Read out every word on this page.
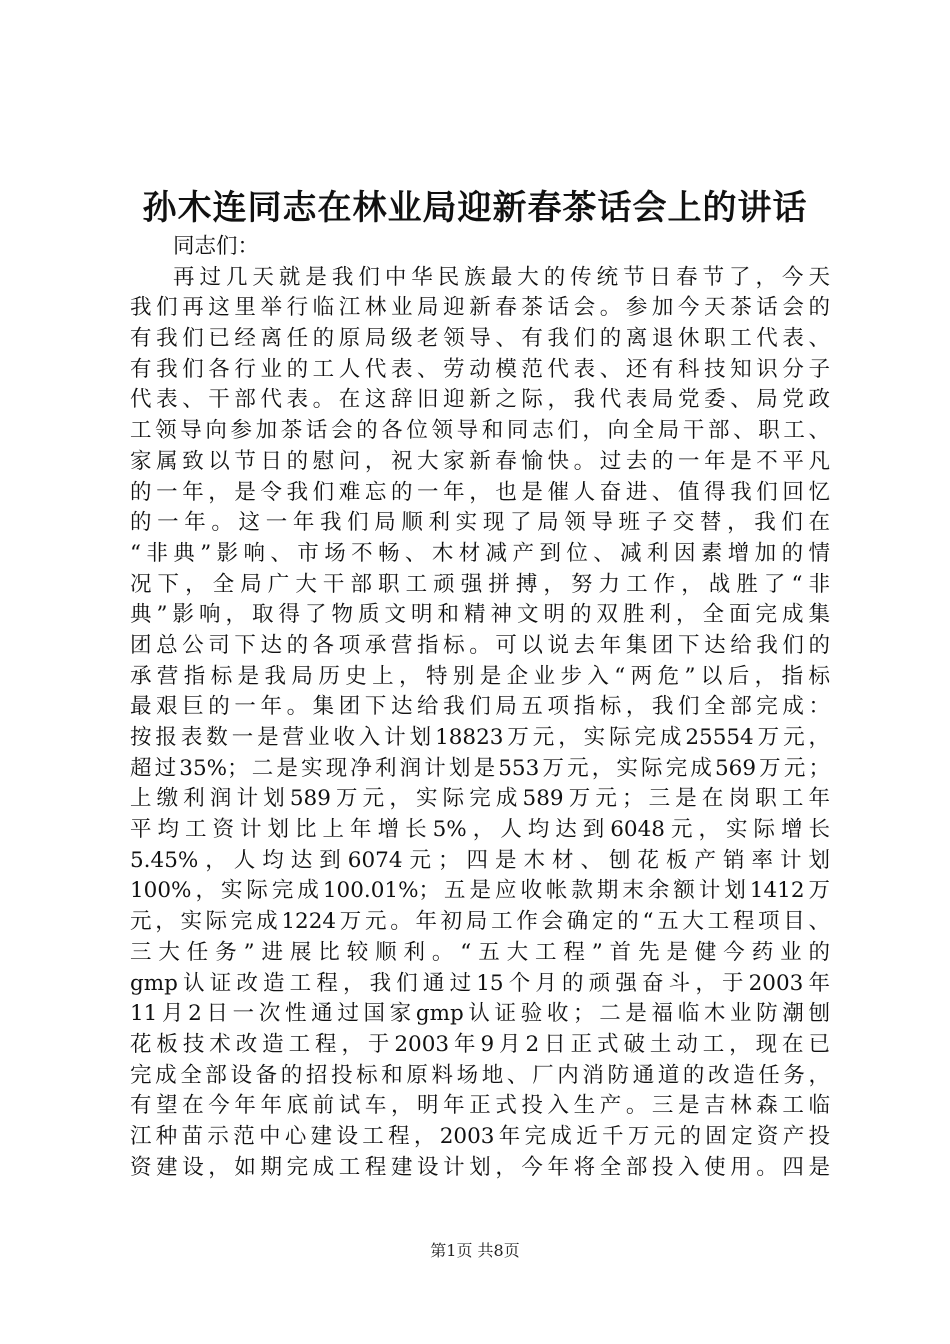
孙木连同志在林业局迎新春茶话会上的讲话
同志们：
再过几天就是我们中华民族最大的传统节日春节了，今天
我们再这里举行临江林业局迎新春茶话会。参加今天茶话会的
有我们已经离任的原局级老领导、有我们的离退休职工代表、
有我们各行业的工人代表、劳动模范代表、还有科技知识分子
代表、干部代表。在这辞旧迎新之际，我代表局党委、局党政
工领导向参加茶话会的各位领导和同志们，向全局干部、职工、
家属致以节日的慰问，祝大家新春愉快。过去的一年是不平凡
的一年，是令我们难忘的一年，也是催人奋进、值得我们回忆
的一年。这一年我们局顺利实现了局领导班子交替，我们在
“非典”影响、市场不畅、木材减产到位、减利因素增加的情
况下，全局广大干部职工顽强拼搏，努力工作，战胜了“非
典”影响，取得了物质文明和精神文明的双胜利，全面完成集
团总公司下达的各项承营指标。可以说去年集团下达给我们的
承营指标是我局历史上，特别是企业步入“两危”以后，指标
最艰巨的一年。集团下达给我们局五项指标，我们全部完成：
按报表数一是营业收入计划18823万元，实际完成25554万元，
超过35%；二是实现净利润计划是553万元，实际完成569万元；
上缴利润计划589万元，实际完成589万元；三是在岗职工年
平均工资计划比上年增长5%，人均达到6048元，实际增长
5.45%，人均达到6074元；四是木材、刨花板产销率计划
100%，实际完成100.01%；五是应收帐款期末余额计划1412万
元，实际完成1224万元。年初局工作会确定的“五大工程项目、
三大任务”进展比较顺利。“五大工程”首先是健今药业的
gmp认证改造工程，我们通过15个月的顽强奋斗，于2003年
11月2日一次性通过国家gmp认证验收；二是福临木业防潮刨
花板技术改造工程，于2003年9月2日正式破土动工，现在已
完成全部设备的招投标和原料场地、厂内消防通道的改造任务，
有望在今年年底前试车，明年正式投入生产。三是吉林森工临
江种苗示范中心建设工程，2003年完成近千万元的固定资产投
资建设，如期完成工程建设计划，今年将全部投入使用。四是
第1页 共8页
